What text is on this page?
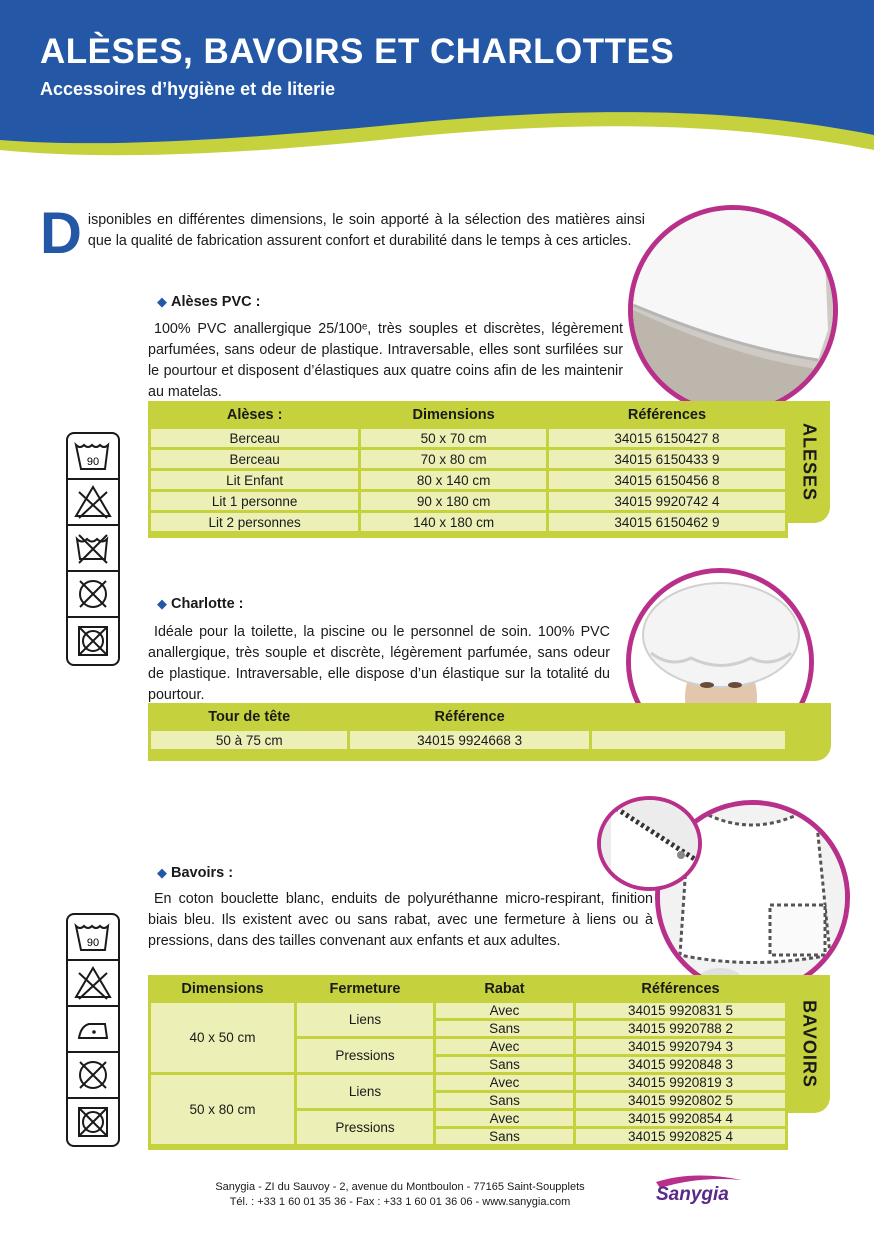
ALÈSES, BAVOIRS ET CHARLOTTES
Accessoires d’hygiène et de literie
Disponibles en différentes dimensions, le soin apporté à la sélection des matières ainsi que la qualité de fabrication assurent confort et durabilité dans le temps à ces articles.
◆ Alèses PVC :
100% PVC anallergique 25/100ᵉ, très souples et discrètes, légèrement parfumées, sans odeur de plastique. Intraversable, elles sont surfilées sur le pourtour et disposent d’élastiques aux quatre coins afin de les maintenir au matelas.
Alèses :	Dimensions	Références
Berceau	50 x 70 cm	34015 6150427 8
Berceau	70 x 80 cm	34015 6150433 9
Lit Enfant	80 x 140 cm	34015 6150456 8
Lit 1 personne	90 x 180 cm	34015 9920742 4
Lit 2 personnes	140 x 180 cm	34015 6150462 9
ALESES
90
◆ Charlotte :
Idéale pour la toilette, la piscine ou le personnel de soin. 100% PVC anallergique, très souple et discrète, légèrement parfumée, sans odeur de plastique. Intraversable, elle dispose d’un élastique sur la totalité du pourtour.
Tour de tête	Référence	
50 à 75 cm	34015 9924668 3	
◆ Bavoirs :
En coton bouclette blanc, enduits de polyuréthanne micro-respirant, finition biais bleu. Ils existent avec ou sans rabat, avec une fermeture à liens ou à pressions, dans des tailles convenant aux enfants et aux adultes.
Dimensions	Fermeture	Rabat	Références
40 x 50 cm	Liens	Avec	34015 9920831 5
		Sans	34015 9920788 2
	Pressions	Avec	34015 9920794 3
		Sans	34015 9920848 3
50 x 80 cm	Liens	Avec	34015 9920819 3
		Sans	34015 9920802 5
	Pressions	Avec	34015 9920854 4
		Sans	34015 9920825 4
BAVOIRS
90
Sanygia - ZI du Sauvoy - 2, avenue du Montboulon - 77165 Saint-Soupplets
Tél. : +33 1 60 01 35 36 - Fax : +33 1 60 01 36 06 - www.sanygia.com	Sanygia
